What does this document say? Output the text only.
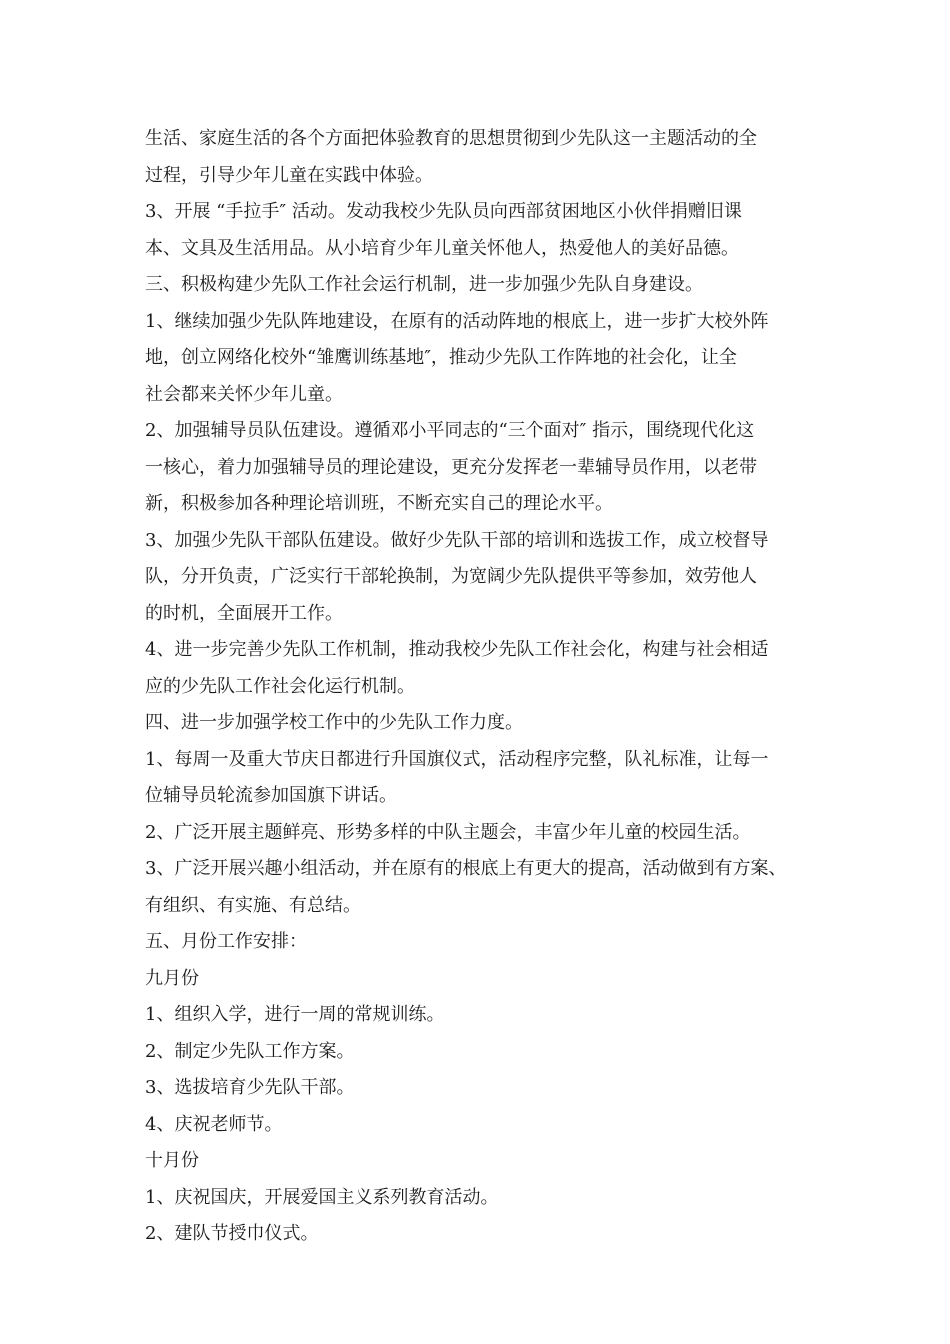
生活、家庭生活的各个方面把体验教育的思想贯彻到少先队这一主题活动的全
过程，引导少年儿童在实践中体验。
3、开展 “手拉手″ 活动。发动我校少先队员向西部贫困地区小伙伴捐赠旧课
本、文具及生活用品。从小培育少年儿童关怀他人，热爱他人的美好品德。
三、积极构建少先队工作社会运行机制，进一步加强少先队自身建设。
1、继续加强少先队阵地建设，在原有的活动阵地的根底上，进一步扩大校外阵
地，创立网络化校外“雏鹰训练基地″，推动少先队工作阵地的社会化，让全
社会都来关怀少年儿童。
2、加强辅导员队伍建设。遵循邓小平同志的“三个面对″ 指示，围绕现代化这
一核心，着力加强辅导员的理论建设，更充分发挥老一辈辅导员作用，以老带
新，积极参加各种理论培训班，不断充实自己的理论水平。
3、加强少先队干部队伍建设。做好少先队干部的培训和选拔工作，成立校督导
队，分开负责，广泛实行干部轮换制，为宽阔少先队提供平等参加，效劳他人
的时机，全面展开工作。
4、进一步完善少先队工作机制，推动我校少先队工作社会化，构建与社会相适
应的少先队工作社会化运行机制。
四、进一步加强学校工作中的少先队工作力度。
1、每周一及重大节庆日都进行升国旗仪式，活动程序完整，队礼标准，让每一
位辅导员轮流参加国旗下讲话。
2、广泛开展主题鲜亮、形势多样的中队主题会，丰富少年儿童的校园生活。
3、广泛开展兴趣小组活动，并在原有的根底上有更大的提高，活动做到有方案、
有组织、有实施、有总结。
五、月份工作安排：
九月份
1、组织入学，进行一周的常规训练。
2、制定少先队工作方案。
3、选拔培育少先队干部。
4、庆祝老师节。
十月份
1、庆祝国庆，开展爱国主义系列教育活动。
2、建队节授巾仪式。
